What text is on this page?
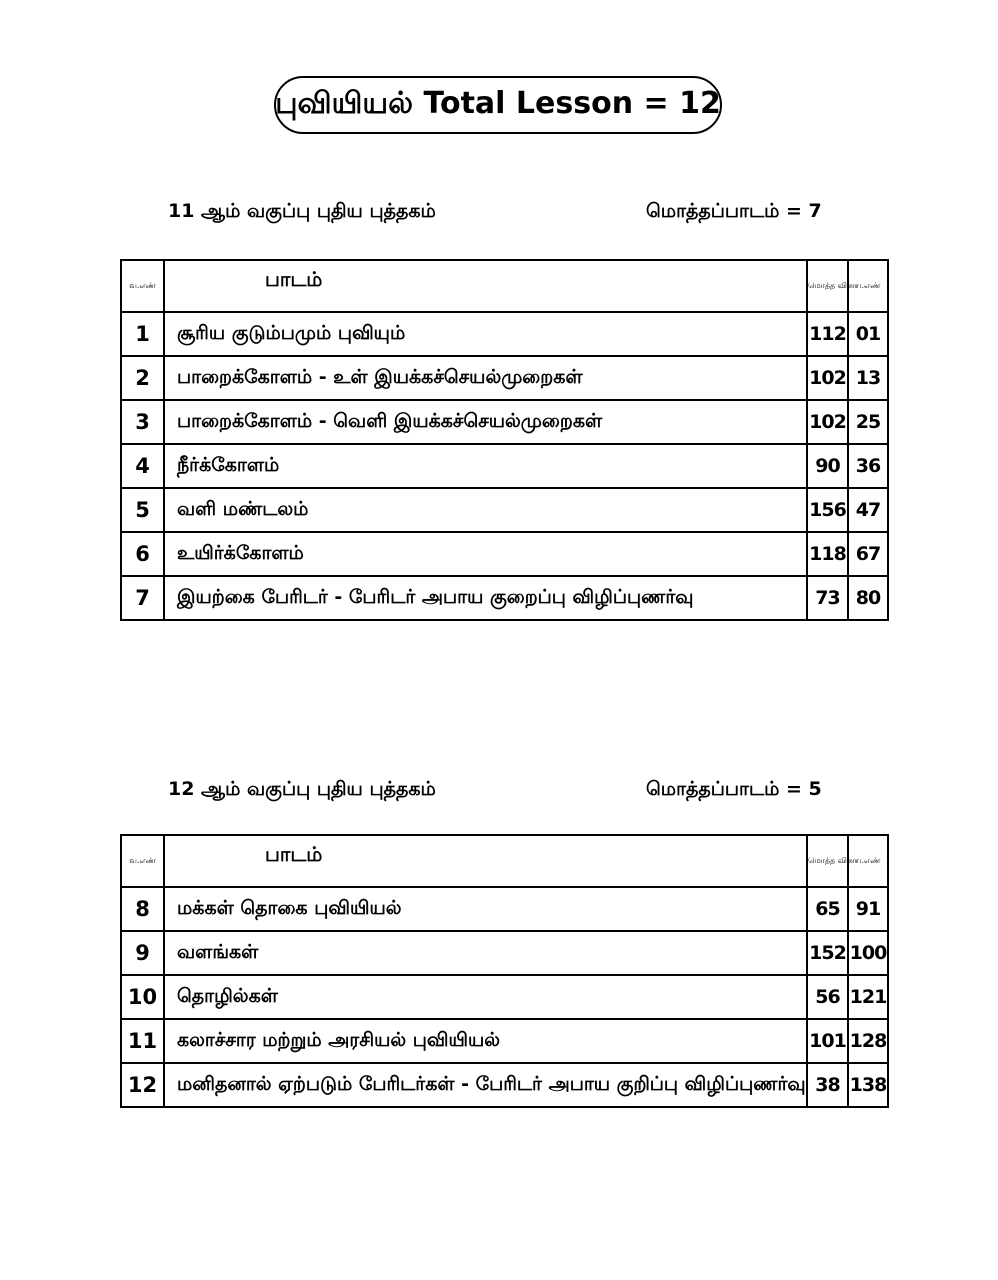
புவியியல் Total Lesson = 12
11 ஆம் வகுப்பு புதிய புத்தகம்	மொத்தப்பாடம் = 7
வ.எண்	பாடம்	மொத்த வினா	ப.எண்
1	சூரிய குடும்பமும் புவியும்	112	01
2	பாறைக்கோளம் - உள் இயக்கச்செயல்முறைகள்	102	13
3	பாறைக்கோளம் - வெளி இயக்கச்செயல்முறைகள்	102	25
4	நீர்க்கோளம்	90	36
5	வளி மண்டலம்	156	47
6	உயிர்க்கோளம்	118	67
7	இயற்கை பேரிடர் - பேரிடர் அபாய குறைப்பு விழிப்புணர்வு	73	80
12 ஆம் வகுப்பு புதிய புத்தகம்	மொத்தப்பாடம் = 5
வ.எண்	பாடம்	மொத்த வினா	ப.எண்
8	மக்கள் தொகை புவியியல்	65	91
9	வளங்கள்	152	100
10	தொழில்கள்	56	121
11	கலாச்சார மற்றும் அரசியல் புவியியல்	101	128
12	மனிதனால் ஏற்படும் பேரிடர்கள் - பேரிடர் அபாய குறிப்பு விழிப்புணர்வு	38	138
